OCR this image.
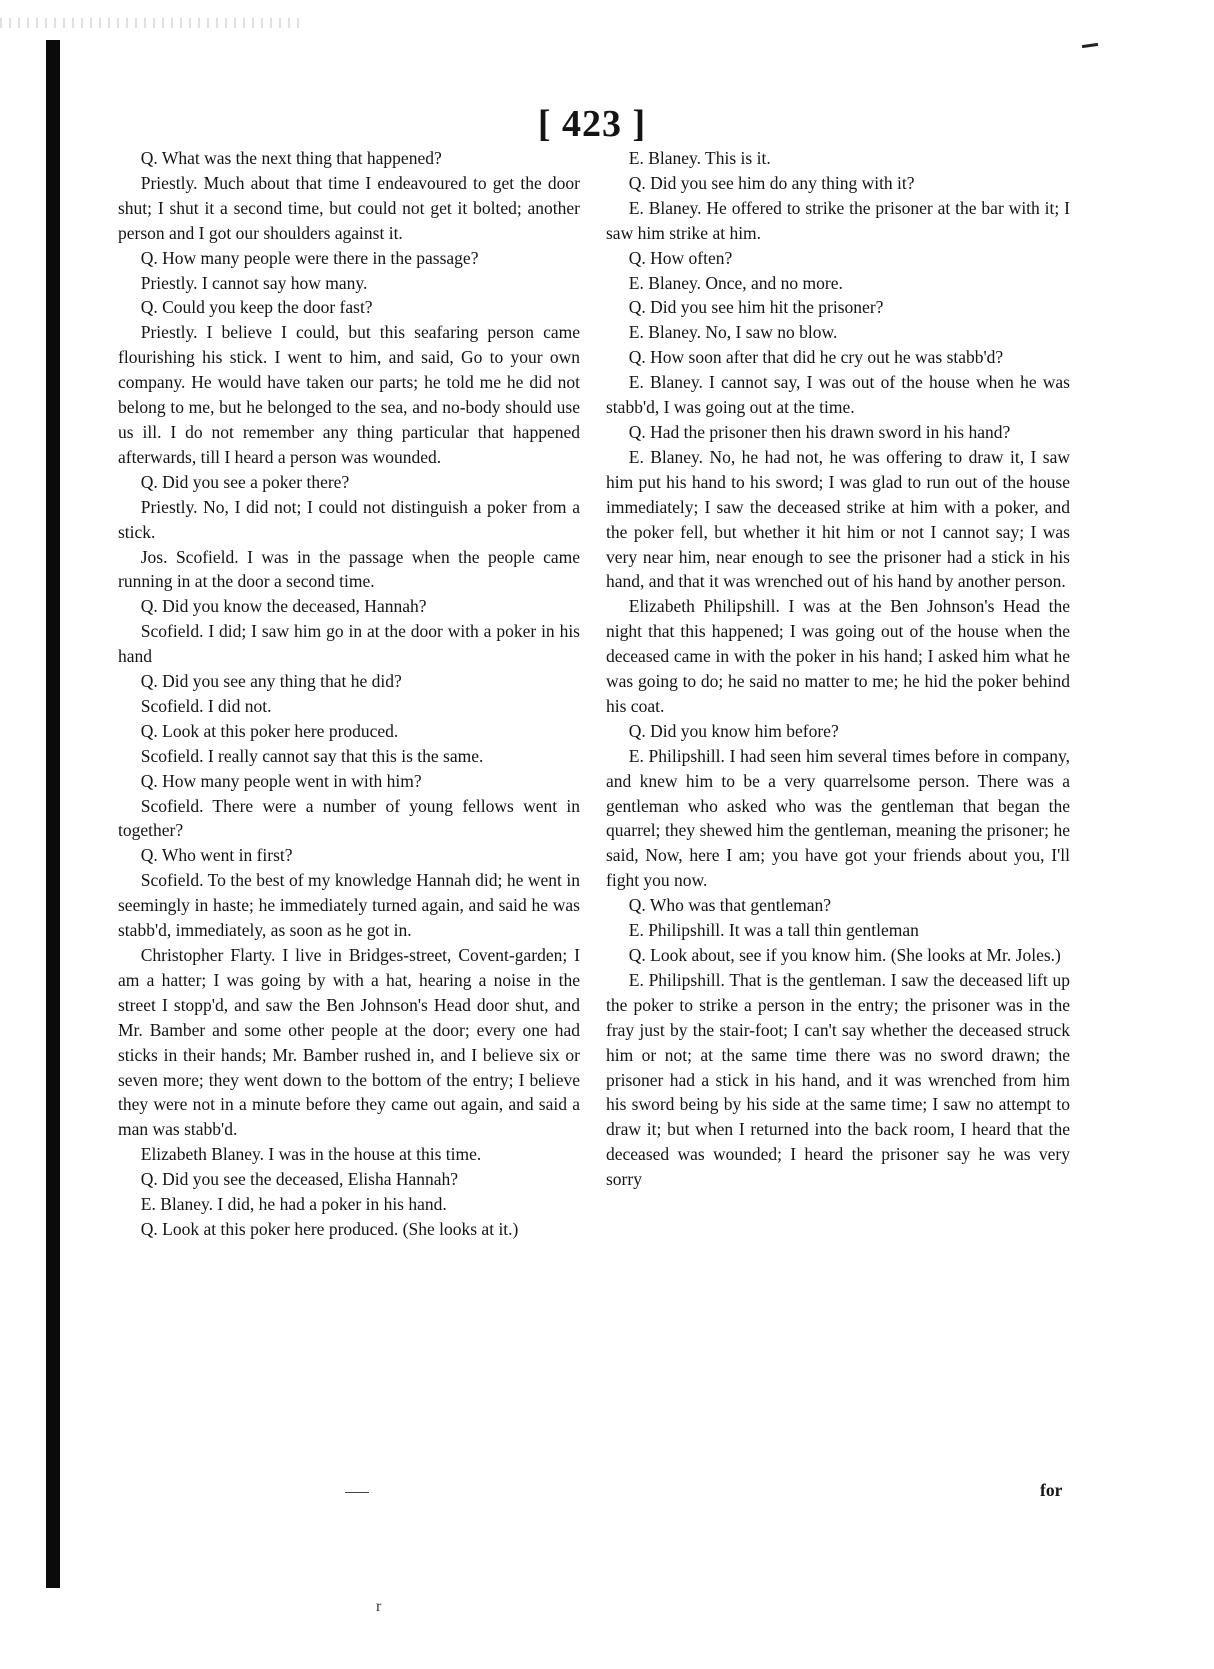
[ 423 ]

Q. What was the next thing that happened?

Priestly. Much about that time I endeavoured to get the door shut; I shut it a second time, but could not get it bolted; another person and I got our shoulders against it.

Q. How many people were there in the passage?

Priestly. I cannot say how many.

Q. Could you keep the door fast?

Priestly. I believe I could, but this seafaring person came flourishing his stick. I went to him, and said, Go to your own company. He would have taken our parts; he told me he did not belong to me, but he belonged to the sea, and no-body should use us ill. I do not remember any thing particular that happened afterwards, till I heard a person was wounded.

Q. Did you see a poker there?

Priestly. No, I did not; I could not distinguish a poker from a stick.

Jos. Scofield. I was in the passage when the people came running in at the door a second time.

Q. Did you know the deceased, Hannah?

Scofield. I did; I saw him go in at the door with a poker in his hand

Q. Did you see any thing that he did?

Scofield. I did not.

Q. Look at this poker here produced.

Scofield. I really cannot say that this is the same.

Q. How many people went in with him?

Scofield. There were a number of young fellows went in together?

Q. Who went in first?

Scofield. To the best of my knowledge Hannah did; he went in seemingly in haste; he immediately turned again, and said he was stabb'd, immediately, as soon as he got in.

Christopher Flarty. I live in Bridges-street, Covent-garden; I am a hatter; I was going by with a hat, hearing a noise in the street I stopp'd, and saw the Ben Johnson's Head door shut, and Mr. Bamber and some other people at the door; every one had sticks in their hands; Mr. Bamber rushed in, and I believe six or seven more; they went down to the bottom of the entry; I believe they were not in a minute before they came out again, and said a man was stabb'd.

Elizabeth Blaney. I was in the house at this time.

Q. Did you see the deceased, Elisha Hannah?

E. Blaney. I did, he had a poker in his hand.

Q. Look at this poker here produced. (She looks at it.)

E. Blaney. This is it.

Q. Did you see him do any thing with it?

E. Blaney. He offered to strike the prisoner at the bar with it; I saw him strike at him.

Q. How often?

E. Blaney. Once, and no more.

Q. Did you see him hit the prisoner?

E. Blaney. No, I saw no blow.

Q. How soon after that did he cry out he was stabb'd?

E. Blaney. I cannot say, I was out of the house when he was stabb'd, I was going out at the time.

Q. Had the prisoner then his drawn sword in his hand?

E. Blaney. No, he had not, he was offering to draw it, I saw him put his hand to his sword; I was glad to run out of the house immediately; I saw the deceased strike at him with a poker, and the poker fell, but whether it hit him or not I cannot say; I was very near him, near enough to see the prisoner had a stick in his hand, and that it was wrenched out of his hand by another person.

Elizabeth Philipshill. I was at the Ben Johnson's Head the night that this happened; I was going out of the house when the deceased came in with the poker in his hand; I asked him what he was going to do; he said no matter to me; he hid the poker behind his coat.

Q. Did you know him before?

E. Philipshill. I had seen him several times before in company, and knew him to be a very quarrelsome person. There was a gentleman who asked who was the gentleman that began the quarrel; they shewed him the gentleman, meaning the prisoner; he said, Now, here I am; you have got your friends about you, I'll fight you now.

Q. Who was that gentleman?

E. Philipshill. It was a tall thin gentleman

Q. Look about, see if you know him. (She looks at Mr. Joles.)

E. Philipshill. That is the gentleman. I saw the deceased lift up the poker to strike a person in the entry; the prisoner was in the fray just by the stair-foot; I can't say whether the deceased struck him or not; at the same time there was no sword drawn; the prisoner had a stick in his hand, and it was wrenched from him his sword being by his side at the same time; I saw no attempt to draw it; but when I returned into the back room, I heard that the deceased was wounded; I heard the prisoner say he was very sorry

for
r
